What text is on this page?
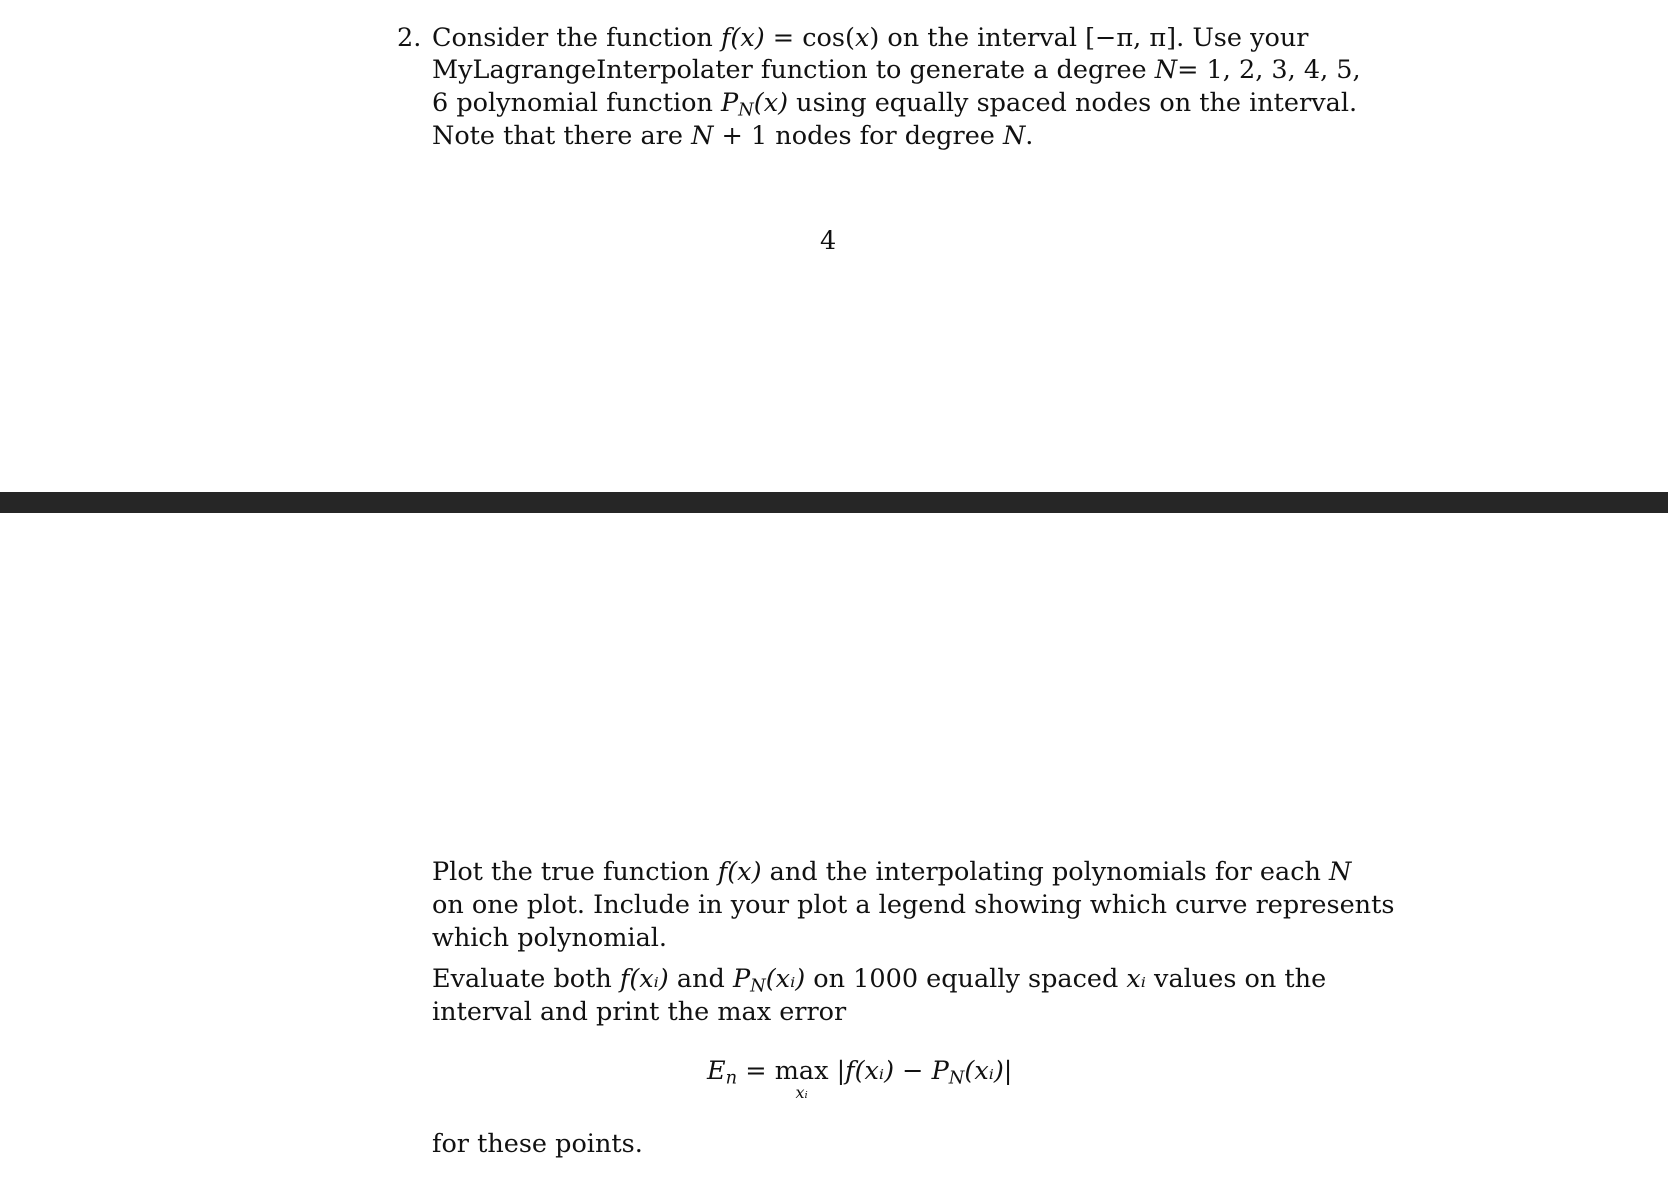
2. Consider the function f(x) = cos(x) on the interval [−π, π]. Use your
MyLagrangeInterpolater function to generate a degree N= 1, 2, 3, 4, 5,
6 polynomial function $P_N(x)$ using equally spaced nodes on the interval.
Note that there are N + 1 nodes for degree N.
4
Plot the true function f(x) and the interpolating polynomials for each N
on one plot. Include in your plot a legend showing which curve represents
which polynomial.
Evaluate both f(xᵢ) and $P_N(xᵢ)$ on 1000 equally spaced xᵢ values on the
interval and print the max error
$E_n = \max$
xᵢ
|f(xᵢ) − $P_N(xᵢ)|$
for these points.
